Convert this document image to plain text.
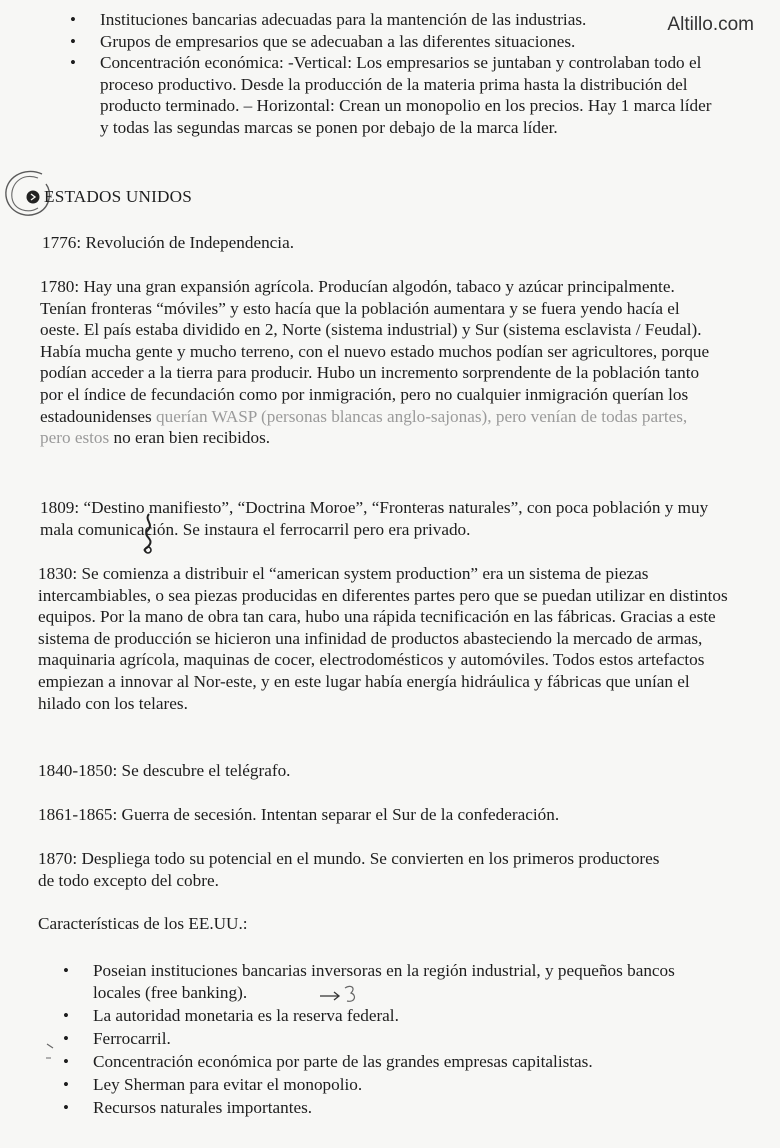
Altillo.com
• Instituciones bancarias adecuadas para la mantención de las industrias.
• Grupos de empresarios que se adecuaban a las diferentes situaciones.
• Concentración económica: -Vertical: Los empresarios se juntaban y controlaban todo el proceso productivo. Desde la producción de la materia prima hasta la distribución del producto terminado. – Horizontal: Crean un monopolio en los precios. Hay 1 marca líder y todas las segundas marcas se ponen por debajo de la marca líder.
ESTADOS UNIDOS

1776: Revolución de Independencia.

1780: Hay una gran expansión agrícola. Producían algodón, tabaco y azúcar principalmente. Tenían fronteras “móviles” y esto hacía que la población aumentara y se fuera yendo hacía el oeste. El país estaba dividido en 2, Norte (sistema industrial) y Sur (sistema esclavista / Feudal). Había mucha gente y mucho terreno, con el nuevo estado muchos podían ser agricultores, porque podían acceder a la tierra para producir. Hubo un incremento sorprendente de la población tanto por el índice de fecundación como por inmigración, pero no cualquier inmigración querían los estadounidenses querían WASP (personas blancas anglo-sajonas), pero venían de todas partes, pero estos no eran bien recibidos.

1809: “Destino manifiesto”, “Doctrina Moroe”, “Fronteras naturales”, con poca población y muy mala comunicación. Se instaura el ferrocarril pero era privado.

1830: Se comienza a distribuir el “american system production” era un sistema de piezas intercambiables, o sea piezas producidas en diferentes partes pero que se puedan utilizar en distintos equipos. Por la mano de obra tan cara, hubo una rápida tecnificación en las fábricas. Gracias a este sistema de producción se hicieron una infinidad de productos abasteciendo la mercado de armas, maquinaria agrícola, maquinas de cocer, electrodomésticos y automóviles. Todos estos artefactos empiezan a innovar al Nor-este, y en este lugar había energía hidráulica y fábricas que unían el hilado con los telares.

1840-1850: Se descubre el telégrafo.

1861-1865: Guerra de secesión. Intentan separar el Sur de la confederación.

1870: Despliega todo su potencial en el mundo. Se convierten en los primeros productores de todo excepto del cobre.

Características de los EE.UU.:

• Poseian instituciones bancarias inversoras en la región industrial, y pequeños bancos locales (free banking).
• La autoridad monetaria es la reserva federal.
• Ferrocarril.
• Concentración económica por parte de las grandes empresas capitalistas.
• Ley Sherman para evitar el monopolio.
• Recursos naturales importantes.
